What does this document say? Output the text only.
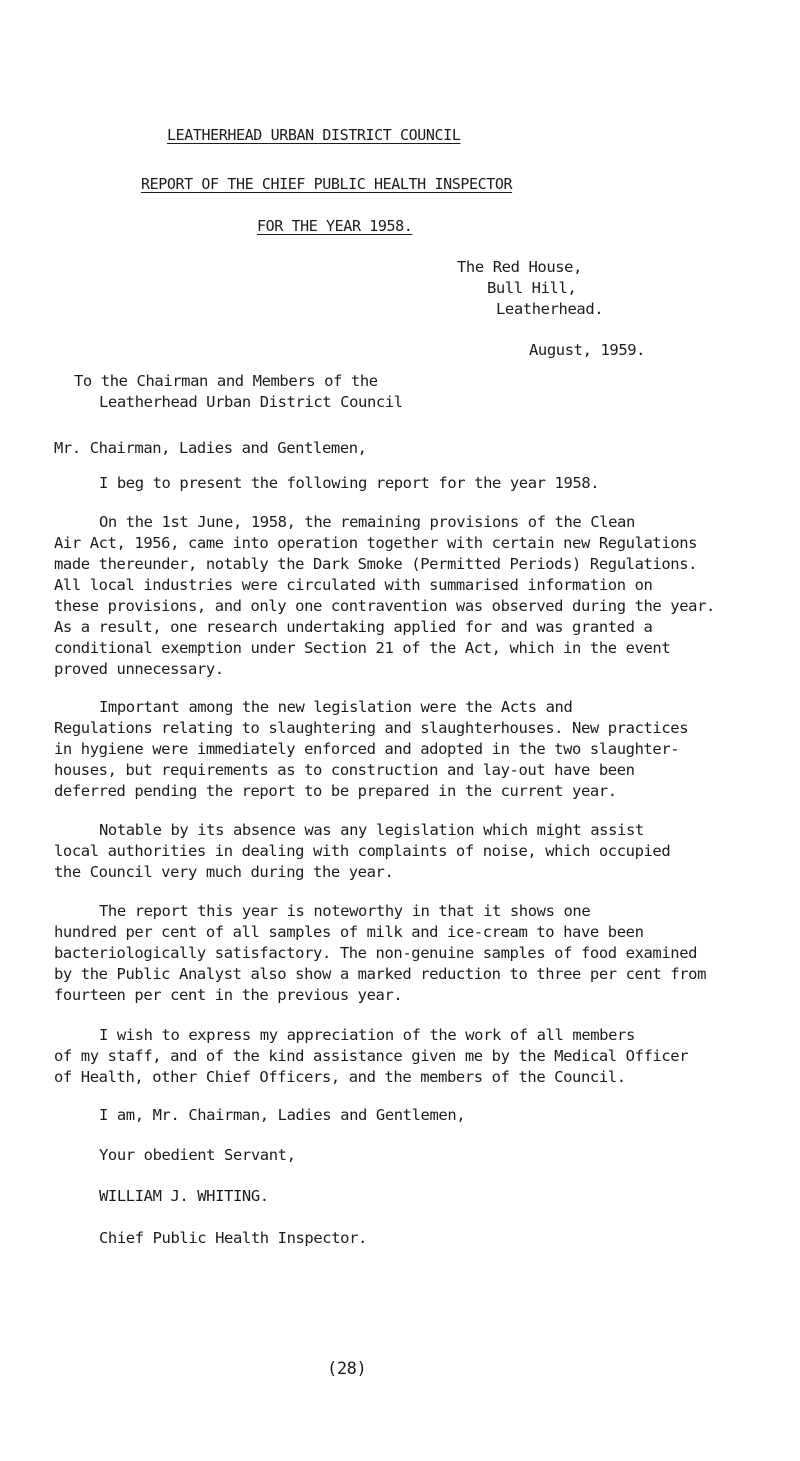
LEATHERHEAD URBAN DISTRICT COUNCIL
REPORT OF THE CHIEF PUBLIC HEALTH INSPECTOR
FOR THE YEAR 1958.
The Red House,
Bull Hill,
Leatherhead.
August, 1959.
To the Chairman and Members of the
Leatherhead Urban District Council
Mr. Chairman, Ladies and Gentlemen,
I beg to present the following report for the year 1958.
On the 1st June, 1958, the remaining provisions of the Clean
Air Act, 1956, came into operation together with certain new Regulations
made thereunder, notably the Dark Smoke (Permitted Periods) Regulations.
All local industries were circulated with summarised information on
these provisions, and only one contravention was observed during the year.
As a result, one research undertaking applied for and was granted a
conditional exemption under Section 21 of the Act, which in the event
proved unnecessary.
Important among the new legislation were the Acts and
Regulations relating to slaughtering and slaughterhouses. New practices
in hygiene were immediately enforced and adopted in the two slaughter-
houses, but requirements as to construction and lay-out have been
deferred pending the report to be prepared in the current year.
Notable by its absence was any legislation which might assist
local authorities in dealing with complaints of noise, which occupied
the Council very much during the year.
The report this year is noteworthy in that it shows one
hundred per cent of all samples of milk and ice-cream to have been
bacteriologically satisfactory. The non-genuine samples of food examined
by the Public Analyst also show a marked reduction to three per cent from
fourteen per cent in the previous year.
I wish to express my appreciation of the work of all members
of my staff, and of the kind assistance given me by the Medical Officer
of Health, other Chief Officers, and the members of the Council.
I am, Mr. Chairman, Ladies and Gentlemen,
Your obedient Servant,
WILLIAM J. WHITING.
Chief Public Health Inspector.
(28)
